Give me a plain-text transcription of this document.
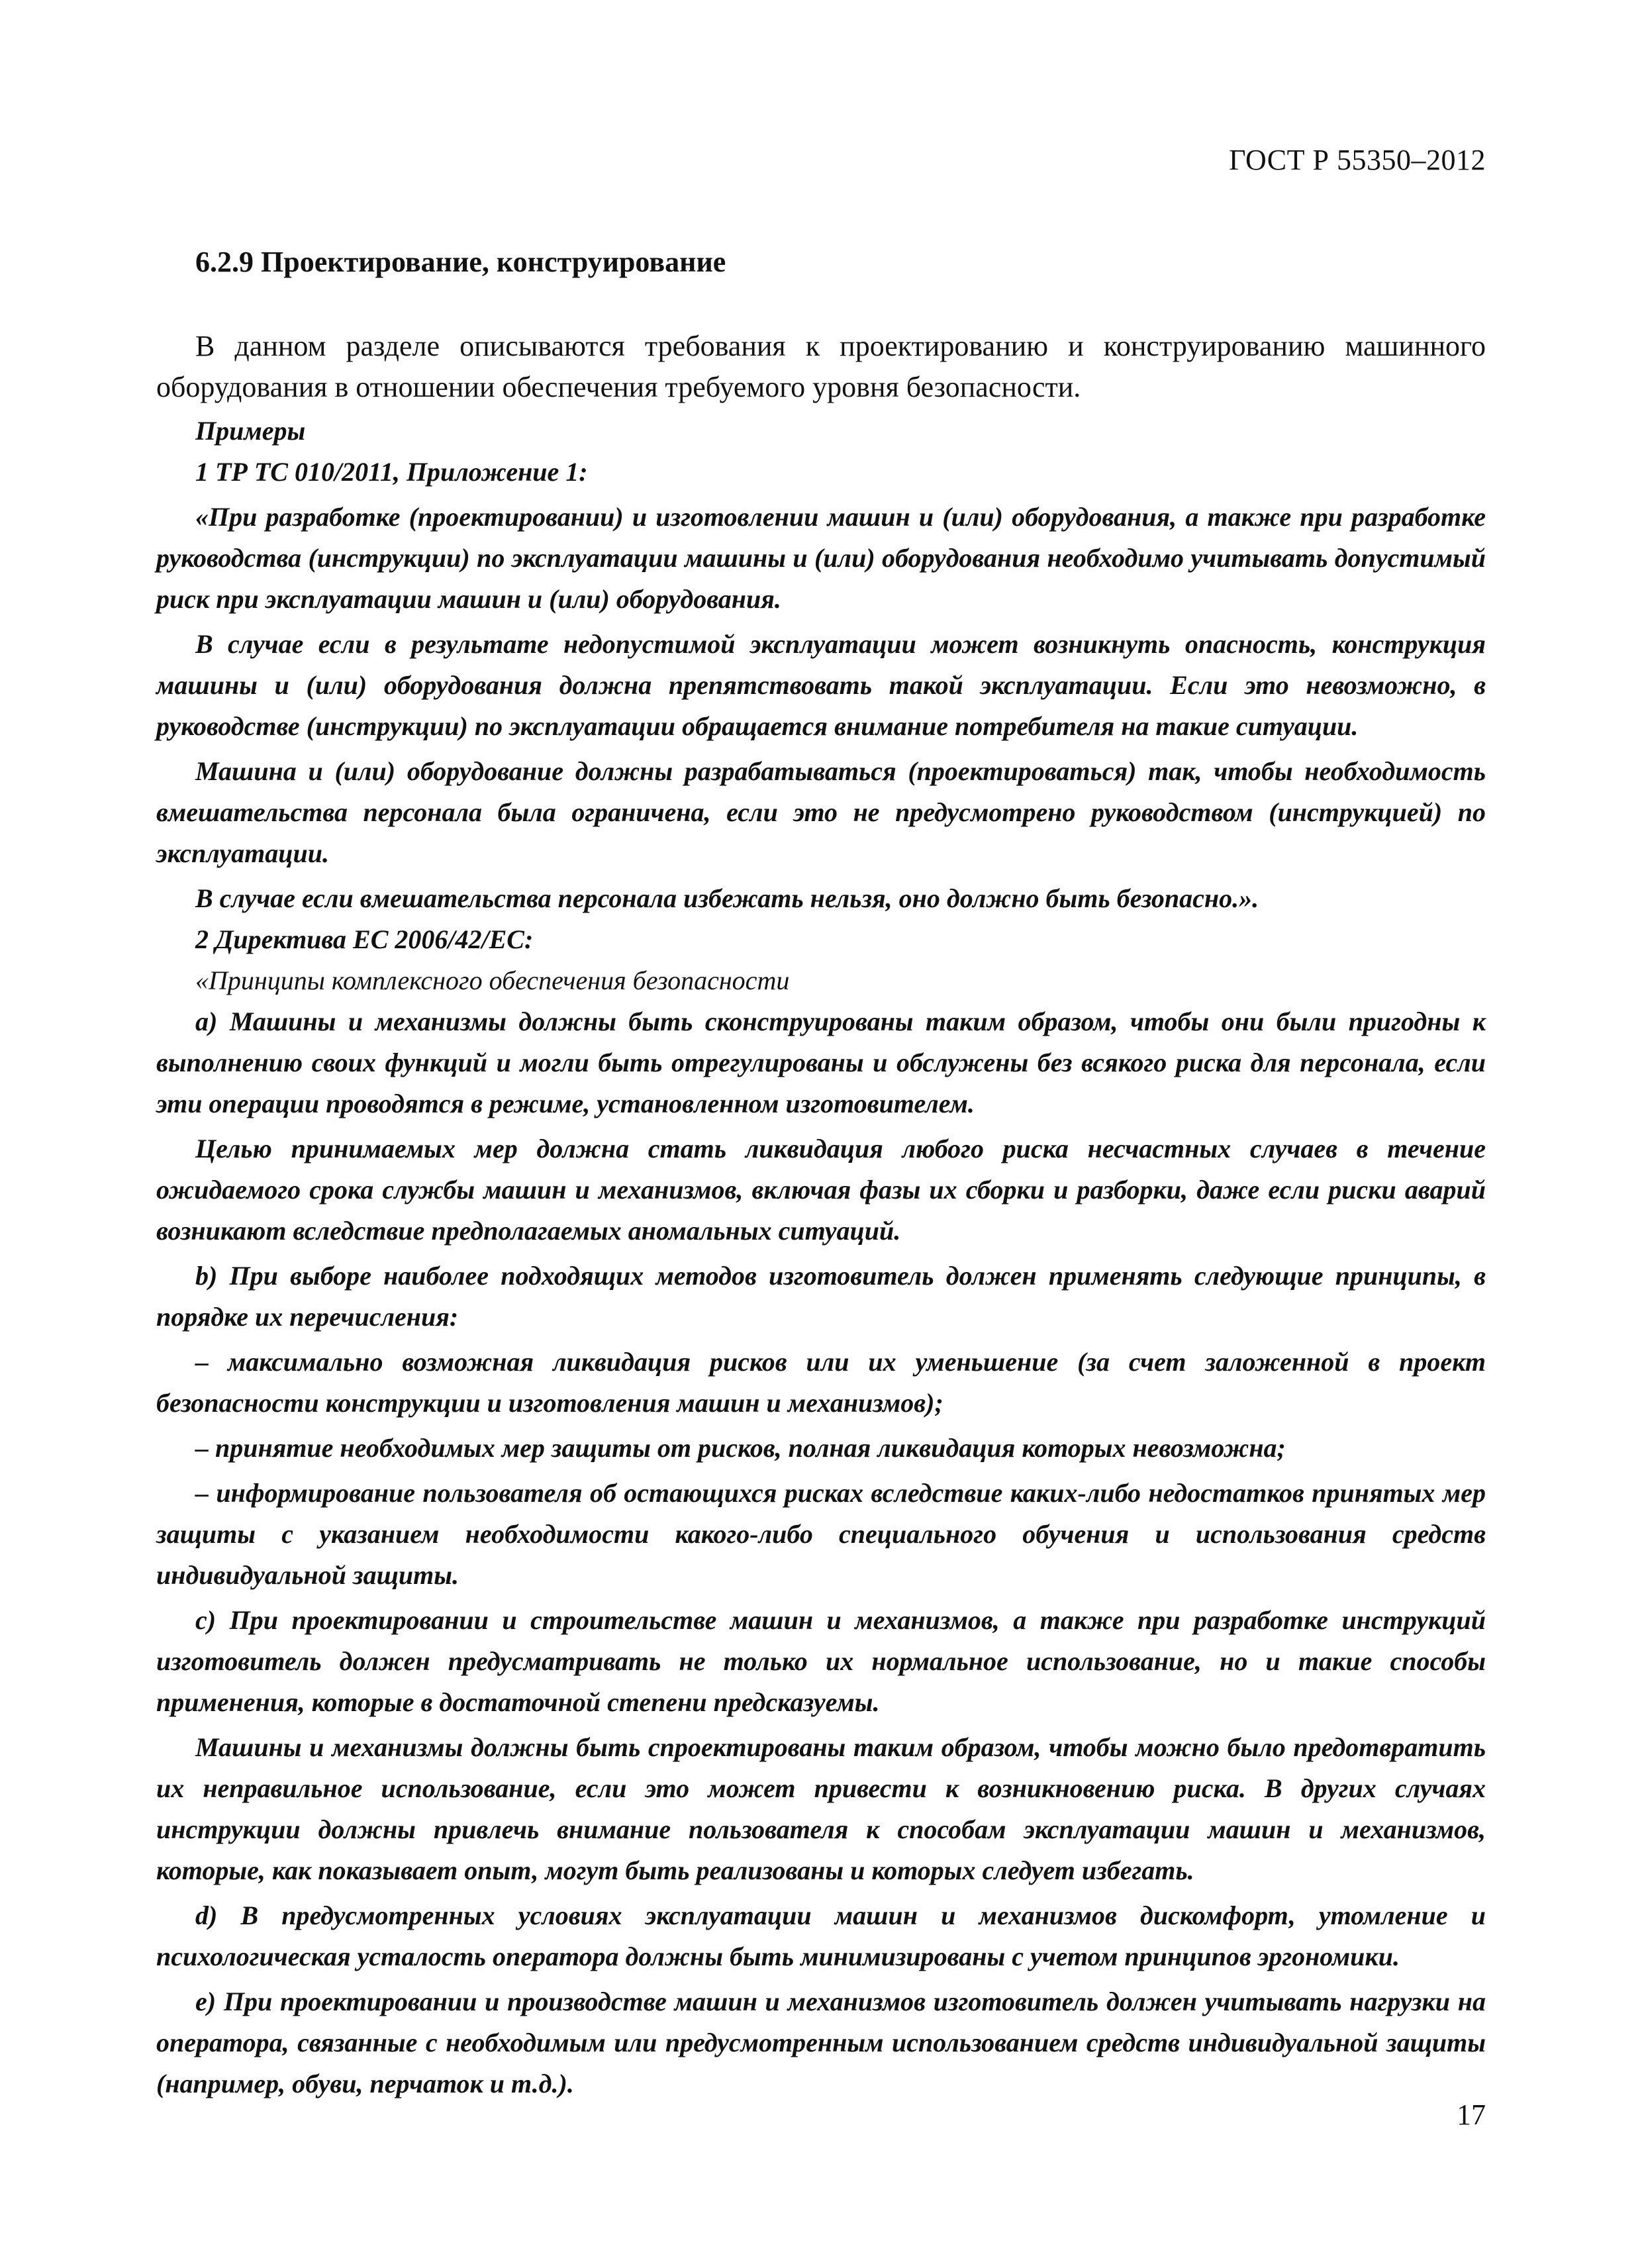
ГОСТ Р 55350–2012
6.2.9 Проектирование, конструирование

В данном разделе описываются требования к проектированию и конструированию машинного оборудования в отношении обеспечения требуемого уровня безопасности.

Примеры

1 ТР ТС 010/2011, Приложение 1:

«При разработке (проектировании) и изготовлении машин и (или) оборудования, а также при разработке руководства (инструкции) по эксплуатации машины и (или) оборудования необходимо учитывать допустимый риск при эксплуатации машин и (или) оборудования.

В случае если в результате недопустимой эксплуатации может возникнуть опасность, конструкция машины и (или) оборудования должна препятствовать такой эксплуатации. Если это невозможно, в руководстве (инструкции) по эксплуатации обращается внимание потребителя на такие ситуации.

Машина и (или) оборудование должны разрабатываться (проектироваться) так, чтобы необходимость вмешательства персонала была ограничена, если это не предусмотрено руководством (инструкцией) по эксплуатации.

В случае если вмешательства персонала избежать нельзя, оно должно быть безопасно.».

2 Директива ЕС 2006/42/ЕС:

«Принципы комплексного обеспечения безопасности

a) Машины и механизмы должны быть сконструированы таким образом, чтобы они были пригодны к выполнению своих функций и могли быть отрегулированы и обслужены без всякого риска для персонала, если эти операции проводятся в режиме, установленном изготовителем.

Целью принимаемых мер должна стать ликвидация любого риска несчастных случаев в течение ожидаемого срока службы машин и механизмов, включая фазы их сборки и разборки, даже если риски аварий возникают вследствие предполагаемых аномальных ситуаций.

b) При выборе наиболее подходящих методов изготовитель должен применять следующие принципы, в порядке их перечисления:

– максимально возможная ликвидация рисков или их уменьшение (за счет заложенной в проект безопасности конструкции и изготовления машин и механизмов);

– принятие необходимых мер защиты от рисков, полная ликвидация которых невозможна;

– информирование пользователя об остающихся рисках вследствие каких-либо недостатков принятых мер защиты с указанием необходимости какого-либо специального обучения и использования средств индивидуальной защиты.

c) При проектировании и строительстве машин и механизмов, а также при разработке инструкций изготовитель должен предусматривать не только их нормальное использование, но и такие способы применения, которые в достаточной степени предсказуемы.

Машины и механизмы должны быть спроектированы таким образом, чтобы можно было предотвратить их неправильное использование, если это может привести к возникновению риска. В других случаях инструкции должны привлечь внимание пользователя к способам эксплуатации машин и механизмов, которые, как показывает опыт, могут быть реализованы и которых следует избегать.

d) В предусмотренных условиях эксплуатации машин и механизмов дискомфорт, утомление и психологическая усталость оператора должны быть минимизированы с учетом принципов эргономики.

e) При проектировании и производстве машин и механизмов изготовитель должен учитывать нагрузки на оператора, связанные с необходимым или предусмотренным использованием средств индивидуальной защиты (например, обуви, перчаток и т.д.).

17
